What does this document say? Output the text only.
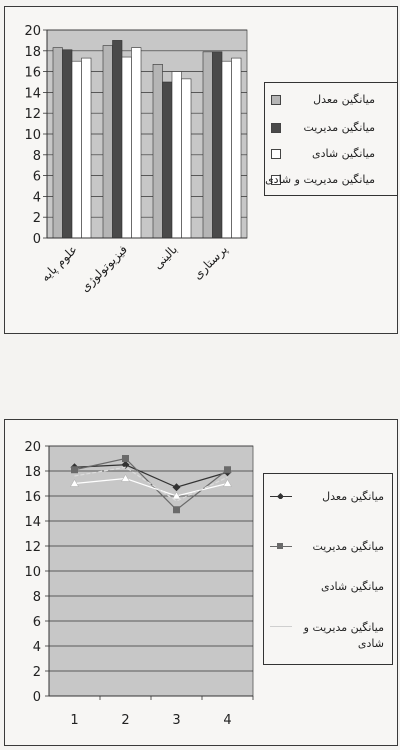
0
2
4
6
8
10
12
14
16
18
20
علوم پایه
فیزیوتولوژی بالینی پرستاری
میانگین معدل
میانگین مدیریت
میانگین شادی
میانگین مدیریت و شادی
0
2
4
6
8
10
12
14
16
18
20
1	2	3	4
میانگین معدل
میانگین مدیریت
میانگین شادی
میانگین مدیریت و شادی
